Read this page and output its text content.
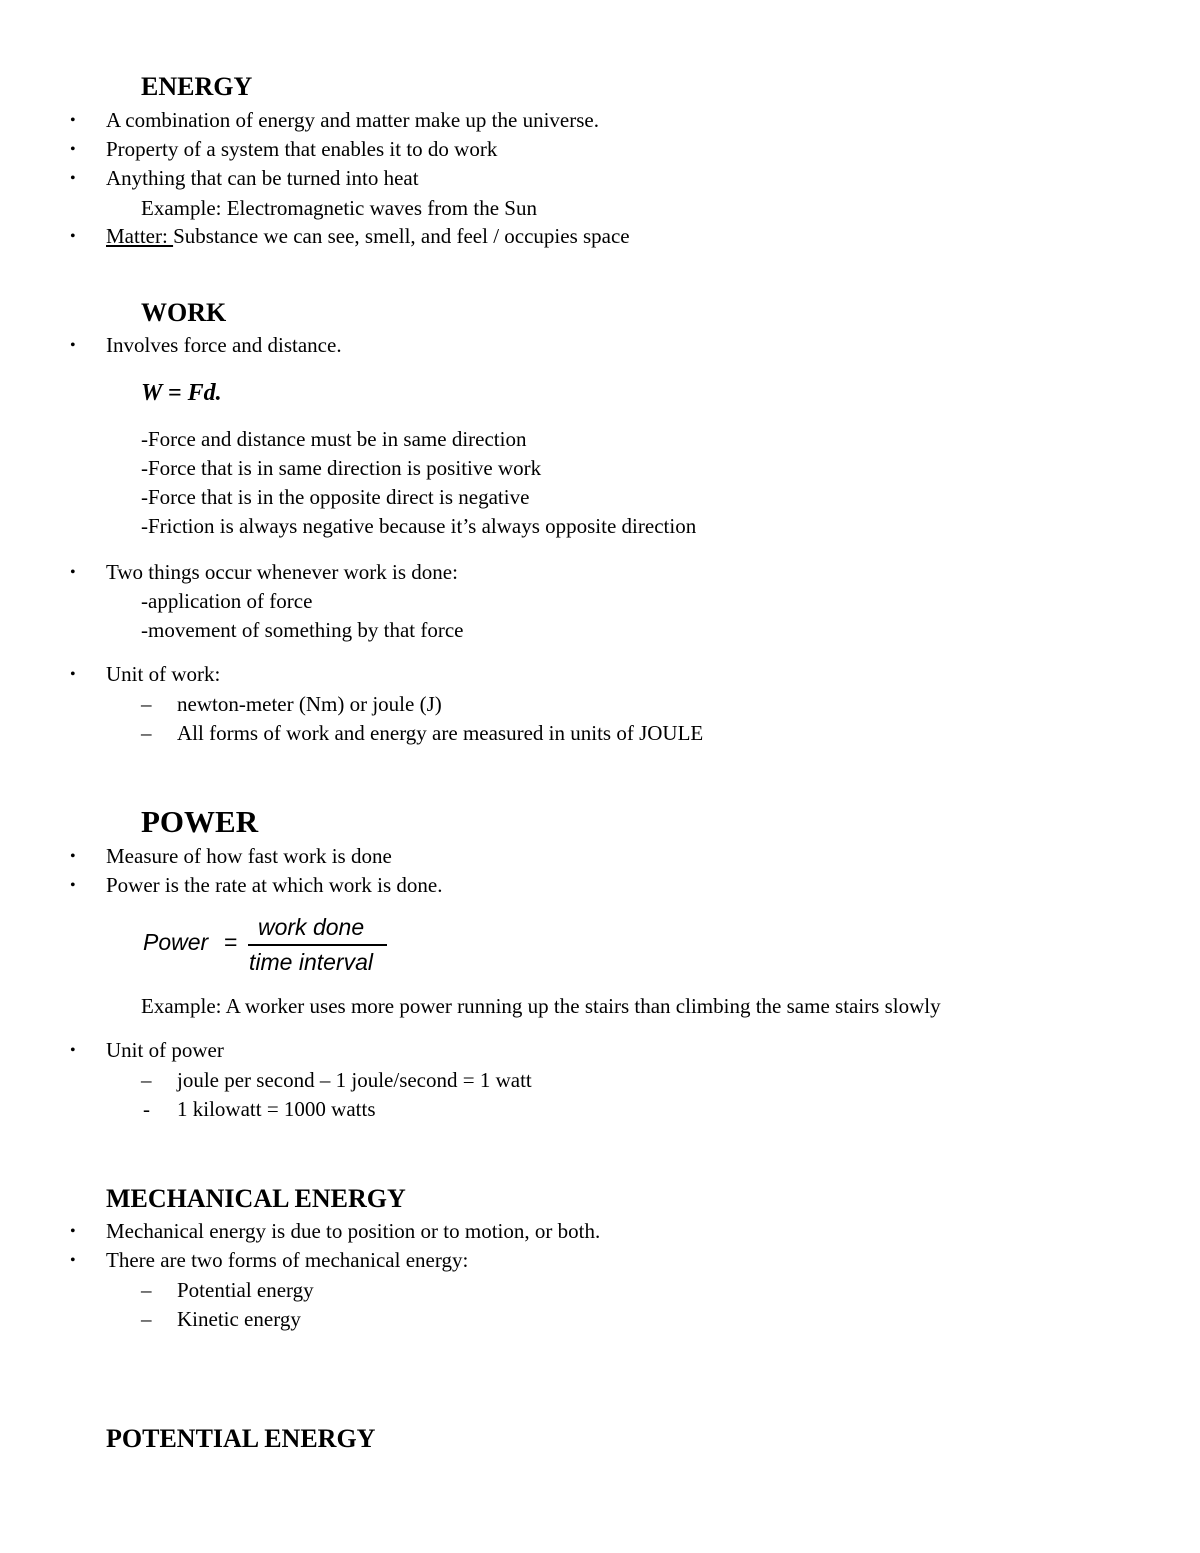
ENERGY
• A combination of energy and matter make up the universe.
• Property of a system that enables it to do work
• Anything that can be turned into heat
Example: Electromagnetic waves from the Sun
• Matter: Substance we can see, smell, and feel / occupies space
WORK
• Involves force and distance.
W = Fd.
-Force and distance must be in same direction
-Force that is in same direction is positive work
-Force that is in the opposite direct is negative
-Friction is always negative because it’s always opposite direction
• Two things occur whenever work is done:
-application of force
-movement of something by that force
• Unit of work:
– newton-meter (Nm) or joule (J)
– All forms of work and energy are measured in units of JOULE
POWER
• Measure of how fast work is done
• Power is the rate at which work is done.
Power =
work done
time interval
Example: A worker uses more power running up the stairs than climbing the same stairs slowly
• Unit of power
– joule per second – 1 joule/second = 1 watt
- 1 kilowatt = 1000 watts
MECHANICAL ENERGY
• Mechanical energy is due to position or to motion, or both.
• There are two forms of mechanical energy:
– Potential energy
– Kinetic energy
POTENTIAL ENERGY
